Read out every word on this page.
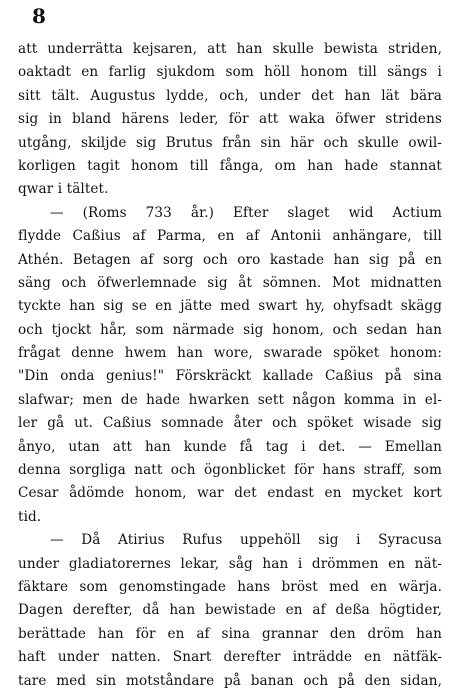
8
att underrätta kejsaren, att han skulle bewista striden,
oaktadt en farlig sjukdom som höll honom till sängs i
sitt tält. Augustus lydde, och, under det han lät bära
sig in bland härens leder, för att waka öfwer stridens
utgång, skiljde sig Brutus från sin här och skulle owil-
korligen tagit honom till fånga, om han hade stannat
qwar i tältet.
— (Roms 733 år.) Efter slaget wid Actium
flydde Caßius af Parma, en af Antonii anhängare, till
Athén. Betagen af sorg och oro kastade han sig på en
säng och öfwerlemnade sig åt sömnen. Mot midnatten
tyckte han sig se en jätte med swart hy, ohyfsadt skägg
och tjockt hår, som närmade sig honom, och sedan han
frågat denne hwem han wore, swarade spöket honom:
"Din onda genius!" Förskräckt kallade Caßius på sina
slafwar; men de hade hwarken sett någon komma in el-
ler gå ut. Caßius somnade åter och spöket wisade sig
ånyo, utan att han kunde få tag i det. — Emellan
denna sorgliga natt och ögonblicket för hans straff, som
Cesar ådömde honom, war det endast en mycket kort
tid.
— Då Atirius Rufus uppehöll sig i Syracusa
under gladiatorernes lekar, såg han i drömmen en nät-
fäktare som genomstingade hans bröst med en wärja.
Dagen derefter, då han bewistade en af deßa högtider,
berättade han för en af sina grannar den dröm han
haft under natten. Snart derefter inträdde en nätfäk-
tare med sin motståndare på banan och på den sidan,
